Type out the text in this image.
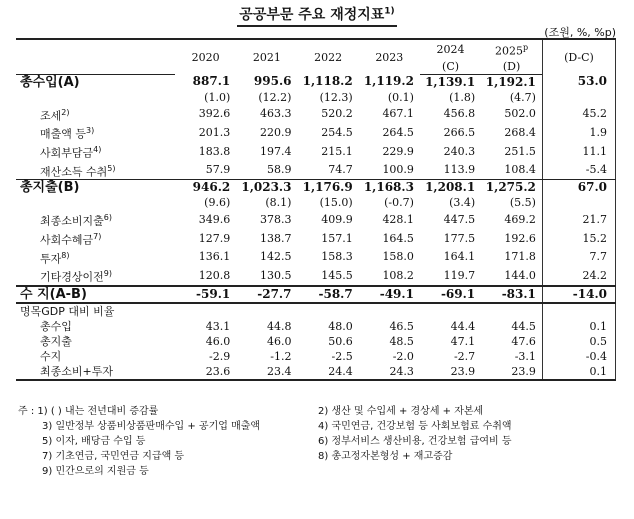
공공부문 주요 재정지표$^{1)}$
(조원, %, %p)
	2020	2021	2022	2023	2024	2025$^p$	(D-C)
					(C)	(D)	
총수입(A)	887.1	995.6	1,118.2	1,119.2	1,139.1	1,192.1	53.0
	(1.0)	(12.2)	(12.3)	(0.1)	(1.8)	(4.7)	
조세$^{2)}$	392.6	463.3	520.2	467.1	456.8	502.0	45.2
매출액 등$^{3)}$	201.3	220.9	254.5	264.5	266.5	268.4	1.9
사회부담금$^{4)}$	183.8	197.4	215.1	229.9	240.3	251.5	11.1
재산소득 수취$^{5)}$	57.9	58.9	74.7	100.9	113.9	108.4	-5.4
총지출(B)	946.2	1,023.3	1,176.9	1,168.3	1,208.1	1,275.2	67.0
	(9.6)	(8.1)	(15.0)	(-0.7)	(3.4)	(5.5)	
최종소비지출$^{6)}$	349.6	378.3	409.9	428.1	447.5	469.2	21.7
사회수혜금$^{7)}$	127.9	138.7	157.1	164.5	177.5	192.6	15.2
투자$^{8)}$	136.1	142.5	158.3	158.0	164.1	171.8	7.7
기타경상이전$^{9)}$	120.8	130.5	145.5	108.2	119.7	144.0	24.2
수 지(A-B)	-59.1	-27.7	-58.7	-49.1	-69.1	-83.1	-14.0
명목GDP 대비 비율							
총수입	43.1	44.8	48.0	46.5	44.4	44.5	0.1
총지출	46.0	46.0	50.6	48.5	47.1	47.6	0.5
수지	-2.9	-1.2	-2.5	-2.0	-2.7	-3.1	-0.4
최종소비+투자	23.6	23.4	24.4	24.3	23.9	23.9	0.1
주 : 1) ( ) 내는 전년대비 증감률
3) 일반정부 상품비상품판매수입 + 공기업 매출액
5) 이자, 배당금 수입 등
7) 기초연금, 국민연금 지급액 등
9) 민간으로의 지원금 등
2) 생산 및 수입세 + 경상세 + 자본세
4) 국민연금, 건강보험 등 사회보험료 수취액
6) 정부서비스 생산비용, 건강보험 급여비 등
8) 총고정자본형성 + 재고증감
